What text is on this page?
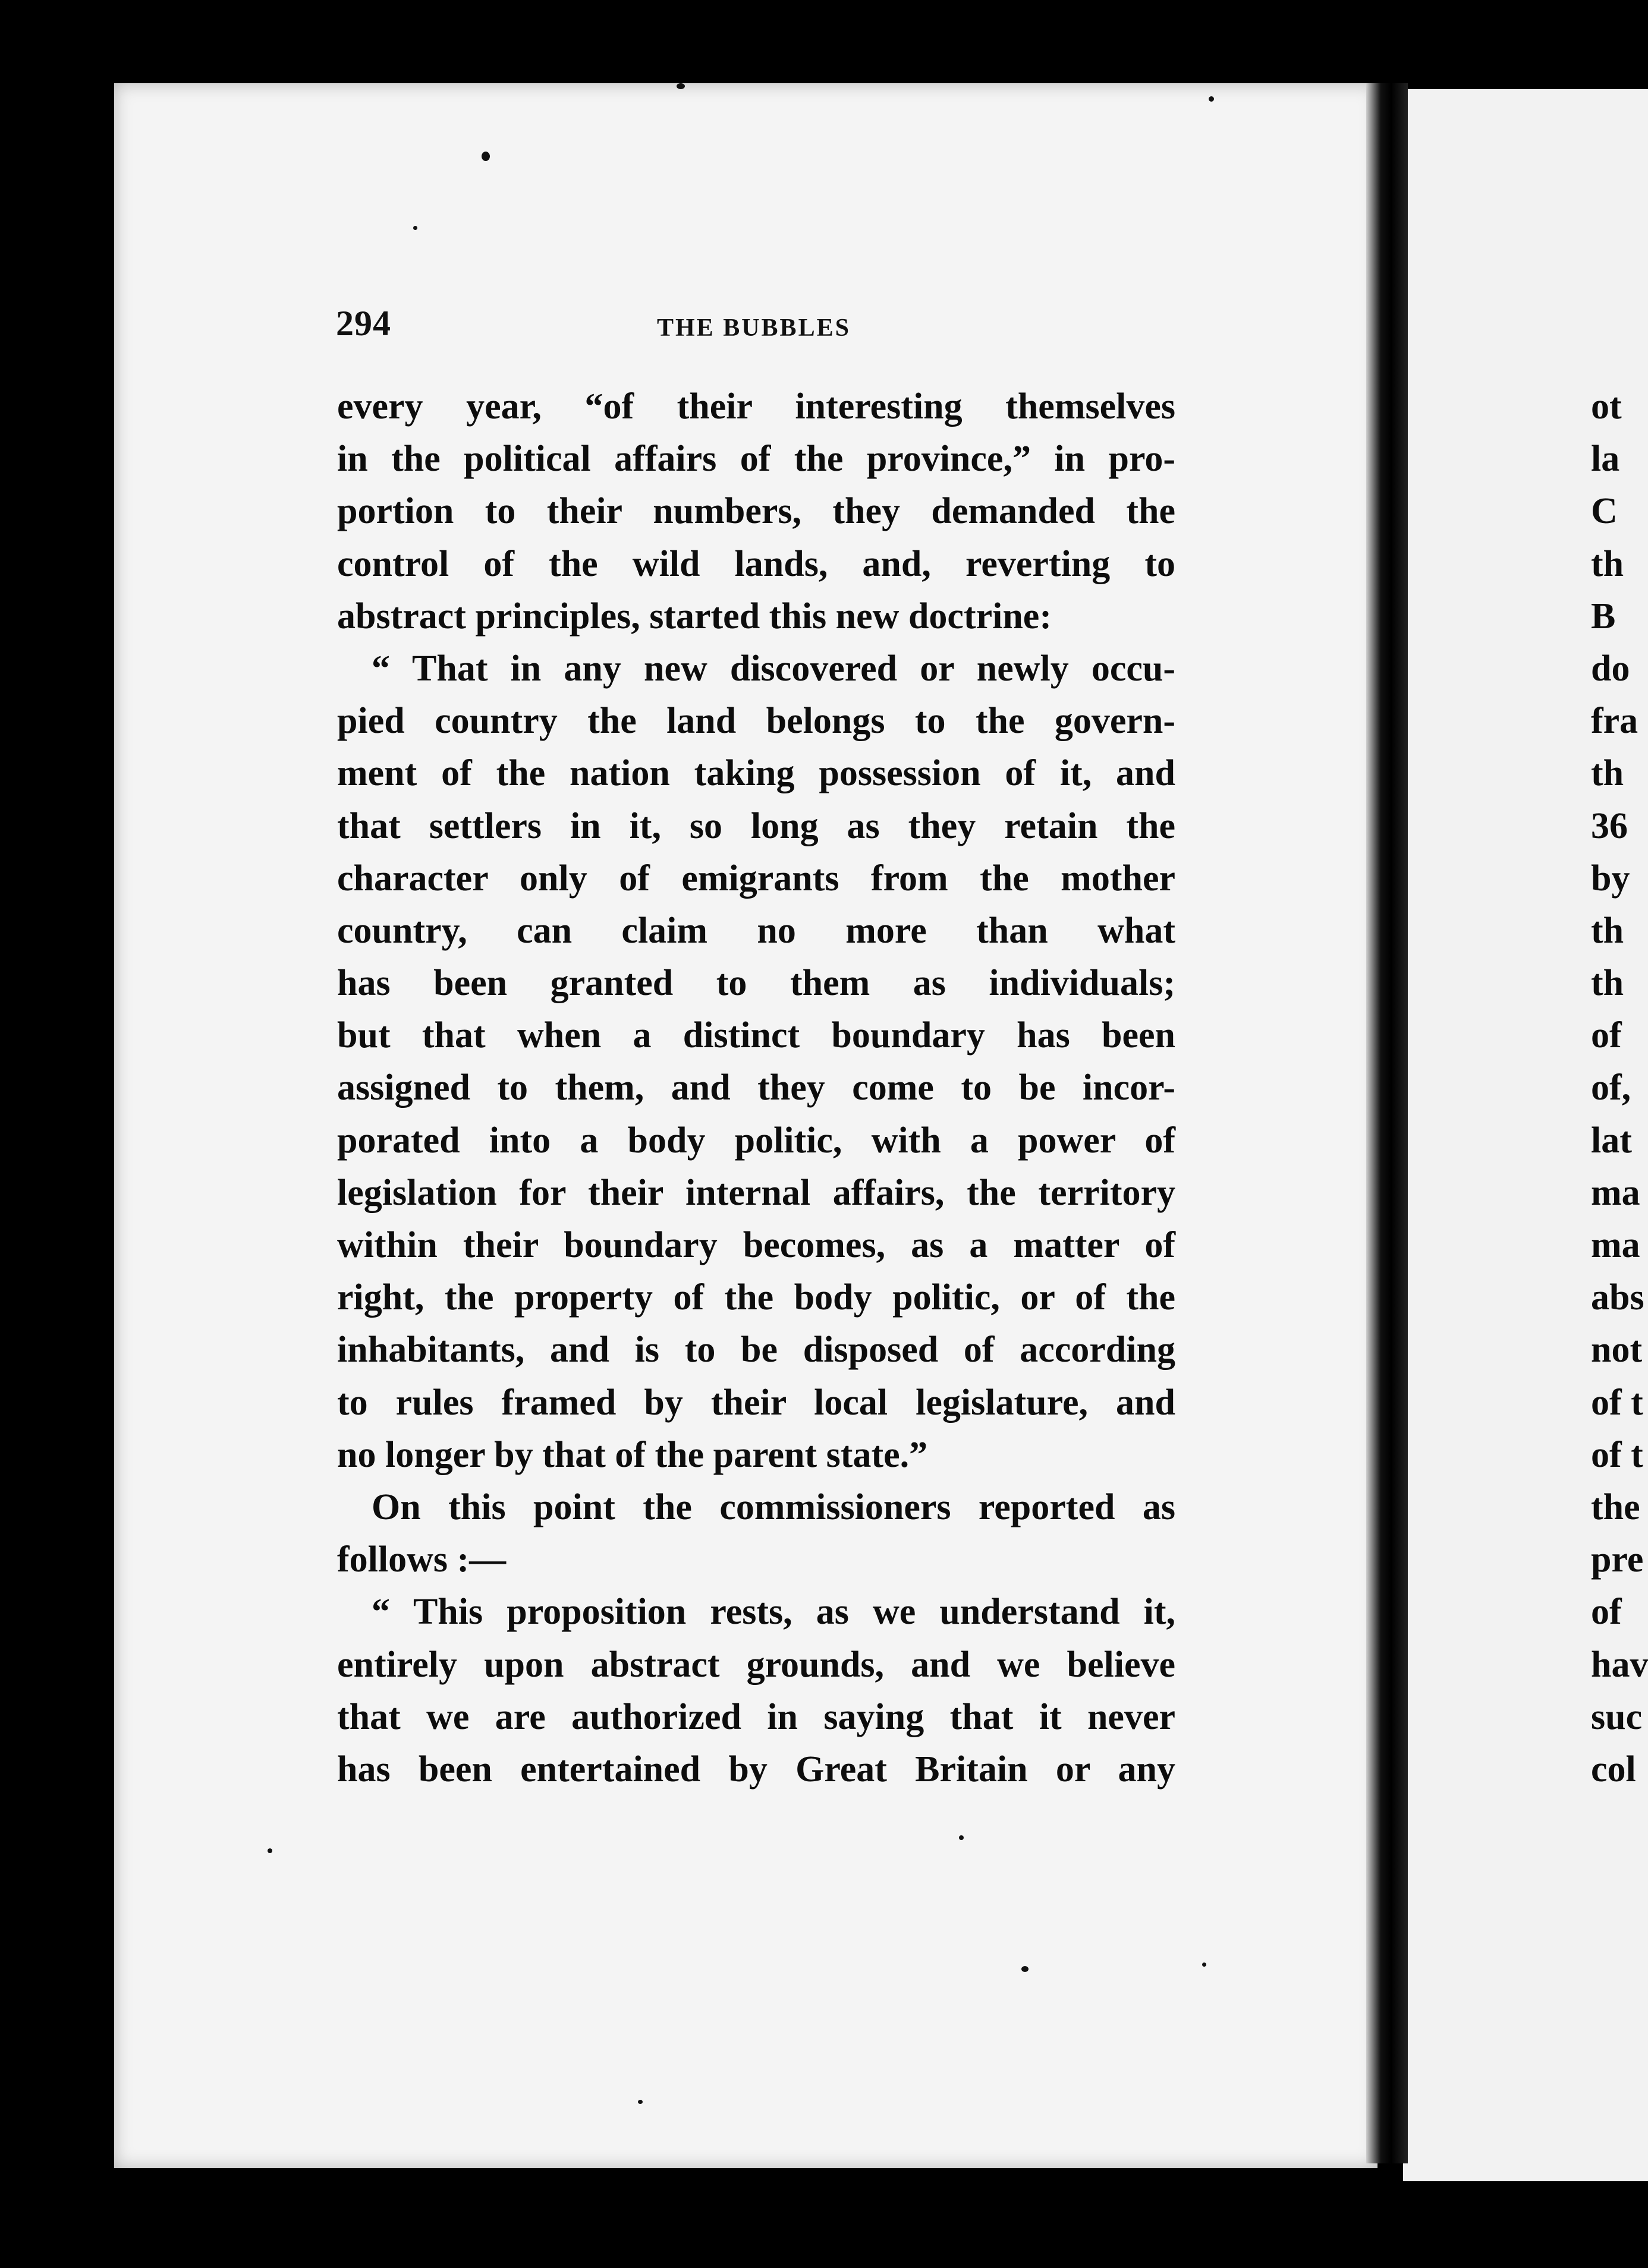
294	THE BUBBLES
every year, “of their interesting themselves
in the political affairs of the province,” in pro-
portion to their numbers, they demanded the
control of the wild lands, and, reverting to
abstract principles, started this new doctrine:
“ That in any new discovered or newly occu-
pied country the land belongs to the govern-
ment of the nation taking possession of it, and
that settlers in it, so long as they retain the
character only of emigrants from the mother
country, can claim no more than what
has been granted to them as individuals;
but that when a distinct boundary has been
assigned to them, and they come to be incor-
porated into a body politic, with a power of
legislation for their internal affairs, the territory
within their boundary becomes, as a matter of
right, the property of the body politic, or of the
inhabitants, and is to be disposed of according
to rules framed by their local legislature, and
no longer by that of the parent state.”
On this point the commissioners reported as
follows :—
“ This proposition rests, as we understand it,
entirely upon abstract grounds, and we believe
that we are authorized in saying that it never
has been entertained by Great Britain or any
ot
la
C
th
B
do
fra
th
36
by
th
th
of
of,
lat
ma
ma
abs
not
of t
of t
the
pre
of
hav
suc
col
